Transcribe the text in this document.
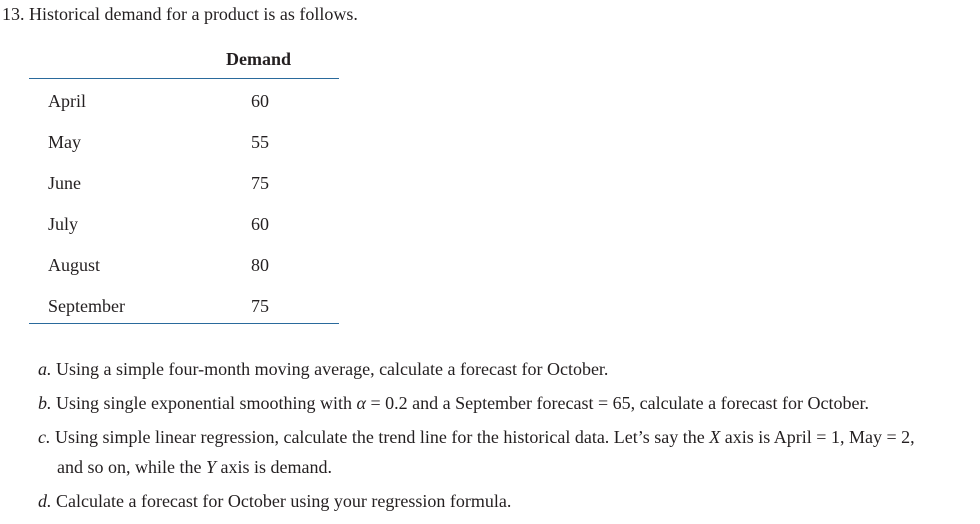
13. Historical demand for a product is as follows.
Demand
April	60
May	55
June	75
July	60
August	80
September	75
a. Using a simple four-month moving average, calculate a forecast for October.
b. Using single exponential smoothing with α = 0.2 and a September forecast = 65, calculate a forecast for October.
c. Using simple linear regression, calculate the trend line for the historical data. Let’s say the X axis is April = 1, May = 2,
and so on, while the Y axis is demand.
d. Calculate a forecast for October using your regression formula.
